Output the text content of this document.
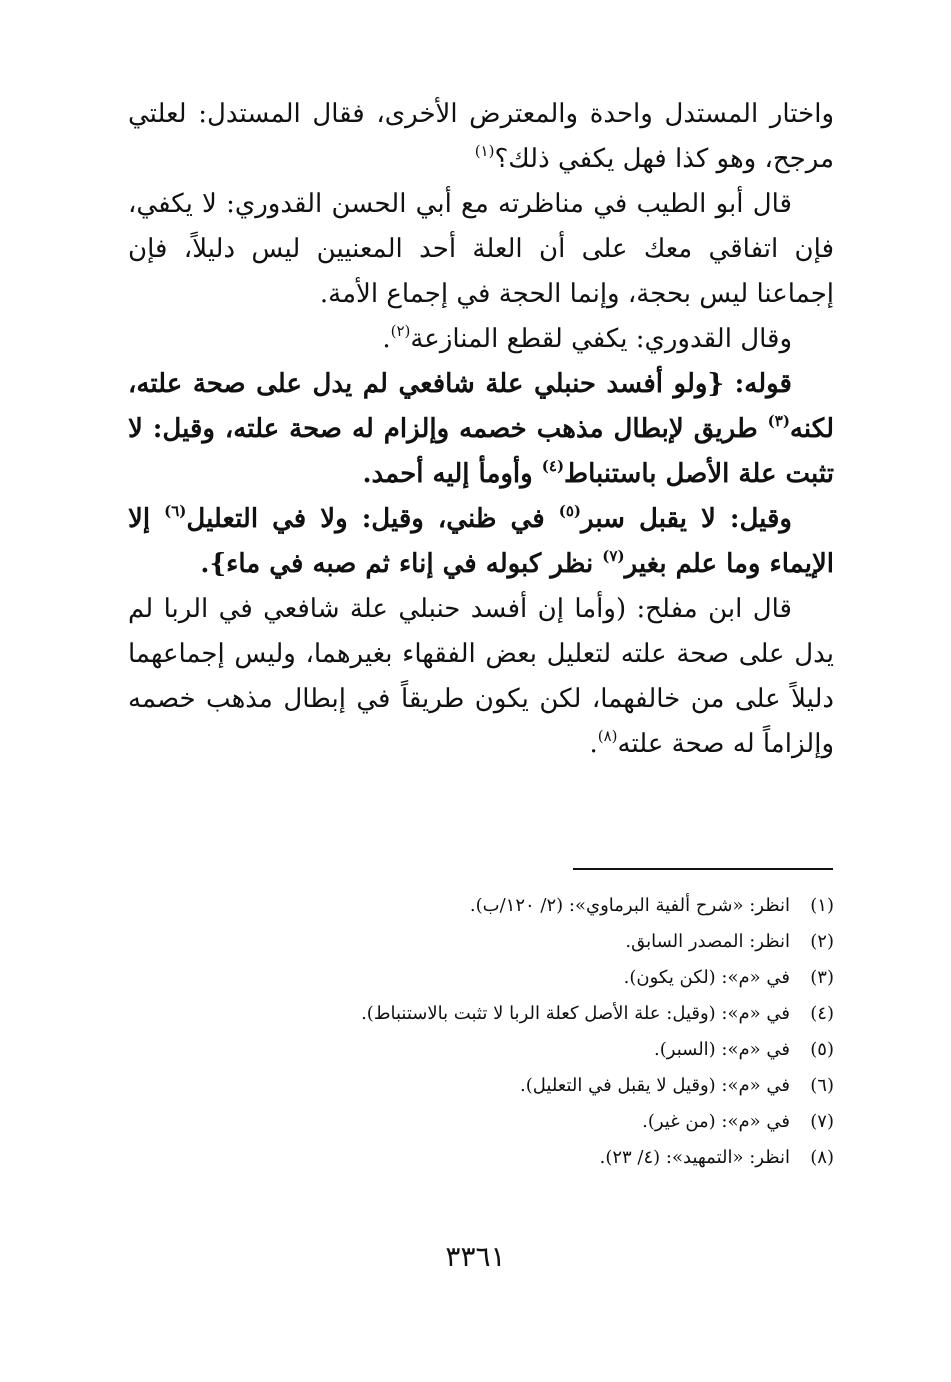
واختار المستدل واحدة والمعترض الأخرى، فقال المستدل: لعلتي مرجح، وهو كذا فهل يكفي ذلك؟$^{(١)}$

قال أبو الطيب في مناظرته مع أبي الحسن القدوري: لا يكفي، فإن اتفاقي معك على أن العلة أحد المعنيين ليس دليلاً، فإن إجماعنا ليس بحجة، وإنما الحجة في إجماع الأمة.

وقال القدوري: يكفي لقطع المنازعة$^{(٢)}$.

قوله: {ولو أفسد حنبلي علة شافعي لم يدل على صحة علته، لكنه$^{(٣)}$ طريق لإبطال مذهب خصمه وإلزام له صحة علته، وقيل: لا تثبت علة الأصل باستنباط$^{(٤)}$ وأومأ إليه أحمد.

وقيل: لا يقبل سبر$^{(٥)}$ في ظني، وقيل: ولا في التعليل$^{(٦)}$ إلا الإيماء وما علم بغير$^{(٧)}$ نظر كبوله في إناء ثم صبه في ماء}.

قال ابن مفلح: (وأما إن أفسد حنبلي علة شافعي في الربا لم يدل على صحة علته لتعليل بعض الفقهاء بغيرهما، وليس إجماعهما دليلاً على من خالفهما، لكن يكون طريقاً في إبطال مذهب خصمه وإلزاماً له صحة علته$^{(٨)}$.

(١)
انظر: «شرح ألفية البرماوي»: (٢/ ١٢٠/ب).
(٢)
انظر: المصدر السابق.
(٣)
في «م»: (لكن يكون).
(٤)
في «م»: (وقيل: علة الأصل كعلة الربا لا تثبت بالاستنباط).
(٥)
في «م»: (السبر).
(٦)
في «م»: (وقيل لا يقبل في التعليل).
(٧)
في «م»: (من غير).
(٨)
انظر: «التمهيد»: (٤/ ٢٣).
٣٣٦١
